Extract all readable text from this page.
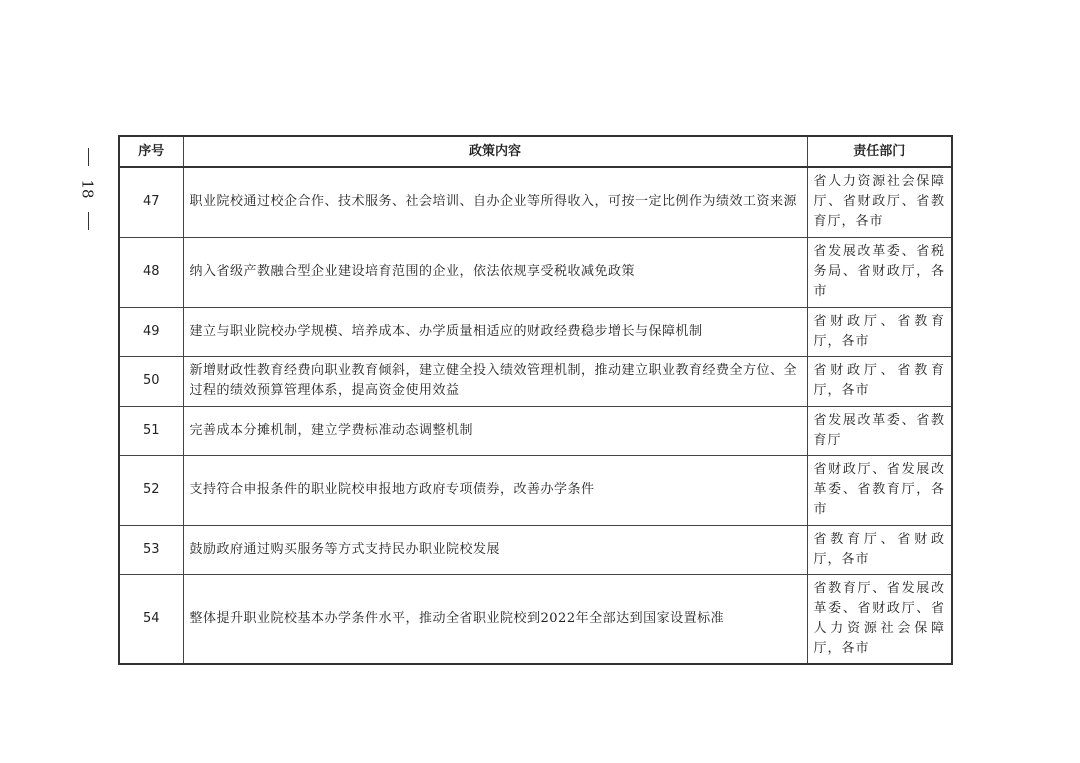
18
序号	政策内容	责任部门
47	职业院校通过校企合作、技术服务、社会培训、自办企业等所得收入，可按一定比例作为绩效工资来源	省人力资源社会保障厅、省财政厅、省教育厅，各市
48	纳入省级产教融合型企业建设培育范围的企业，依法依规享受税收减免政策	省发展改革委、省税务局、省财政厅，各市
49	建立与职业院校办学规模、培养成本、办学质量相适应的财政经费稳步增长与保障机制	省财政厅、省教育厅，各市
50	新增财政性教育经费向职业教育倾斜，建立健全投入绩效管理机制，推动建立职业教育经费全方位、全过程的绩效预算管理体系，提高资金使用效益	省财政厅、省教育厅，各市
51	完善成本分摊机制，建立学费标准动态调整机制	省发展改革委、省教育厅
52	支持符合申报条件的职业院校申报地方政府专项债券，改善办学条件	省财政厅、省发展改革委、省教育厅，各市
53	鼓励政府通过购买服务等方式支持民办职业院校发展	省教育厅、省财政厅，各市
54	整体提升职业院校基本办学条件水平，推动全省职业院校到2022年全部达到国家设置标准	省教育厅、省发展改革委、省财政厅、省人力资源社会保障厅，各市
